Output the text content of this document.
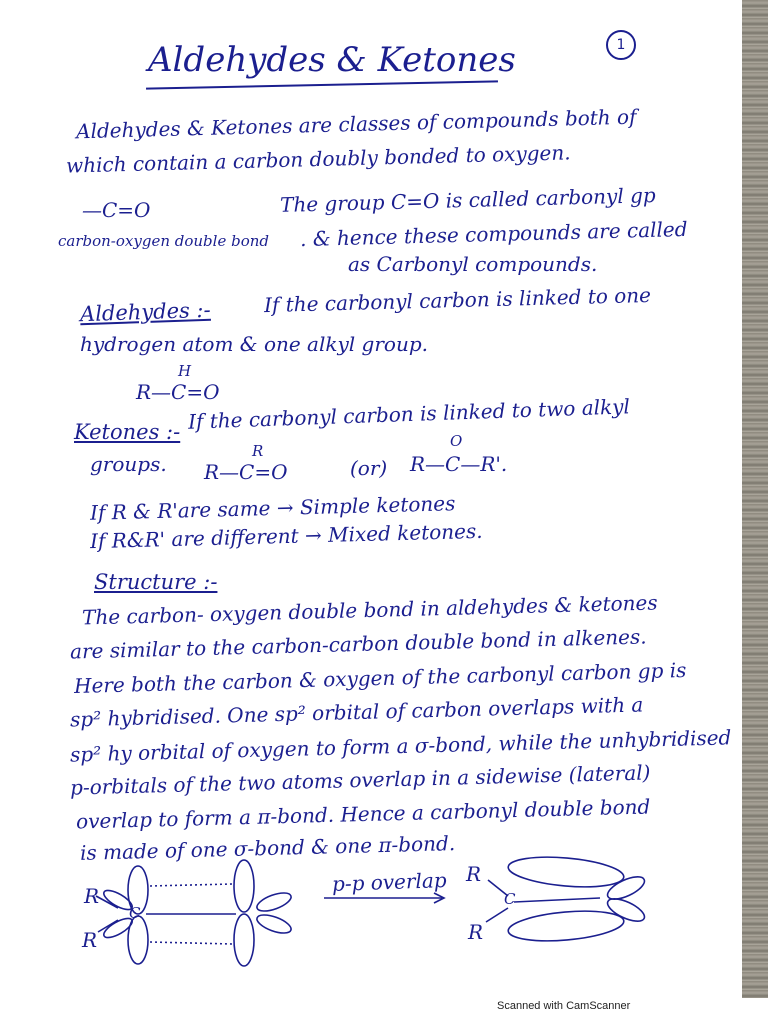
Aldehydes & Ketones	1
Aldehydes & Ketones are classes of compounds both of
which contain a carbon doubly bonded to oxygen.
—C=O	The group C=O is called carbonyl gp
carbon-oxygen double bond . & hence these compounds are called
as Carbonyl compounds.
Aldehydes :-	If the carbonyl carbon is linked to one
hydrogen atom & one alkyl group.
H
R—C=O
Ketones :- If the carbonyl carbon is linked to two alkyl
groups.
R
R—C=O	(or)
O
R—C—R'.
If R & R'are same → Simple ketones
If R&R' are different → Mixed ketones.
Structure :-
The carbon- oxygen double bond in aldehydes & ketones
are similar to the carbon-carbon double bond in alkenes.
Here both the carbon & oxygen of the carbonyl carbon gp is
sp² hybridised. One sp² orbital of carbon overlaps with a
sp² hy orbital of oxygen to form a σ-bond, while the unhybridised
p-orbitals of the two atoms overlap in a sidewise (lateral)
overlap to form a π-bond. Hence a carbonyl double bond
is made of one σ-bond & one π-bond.
R
R
C
p-p overlap R
R
C
Scanned with CamScanner
